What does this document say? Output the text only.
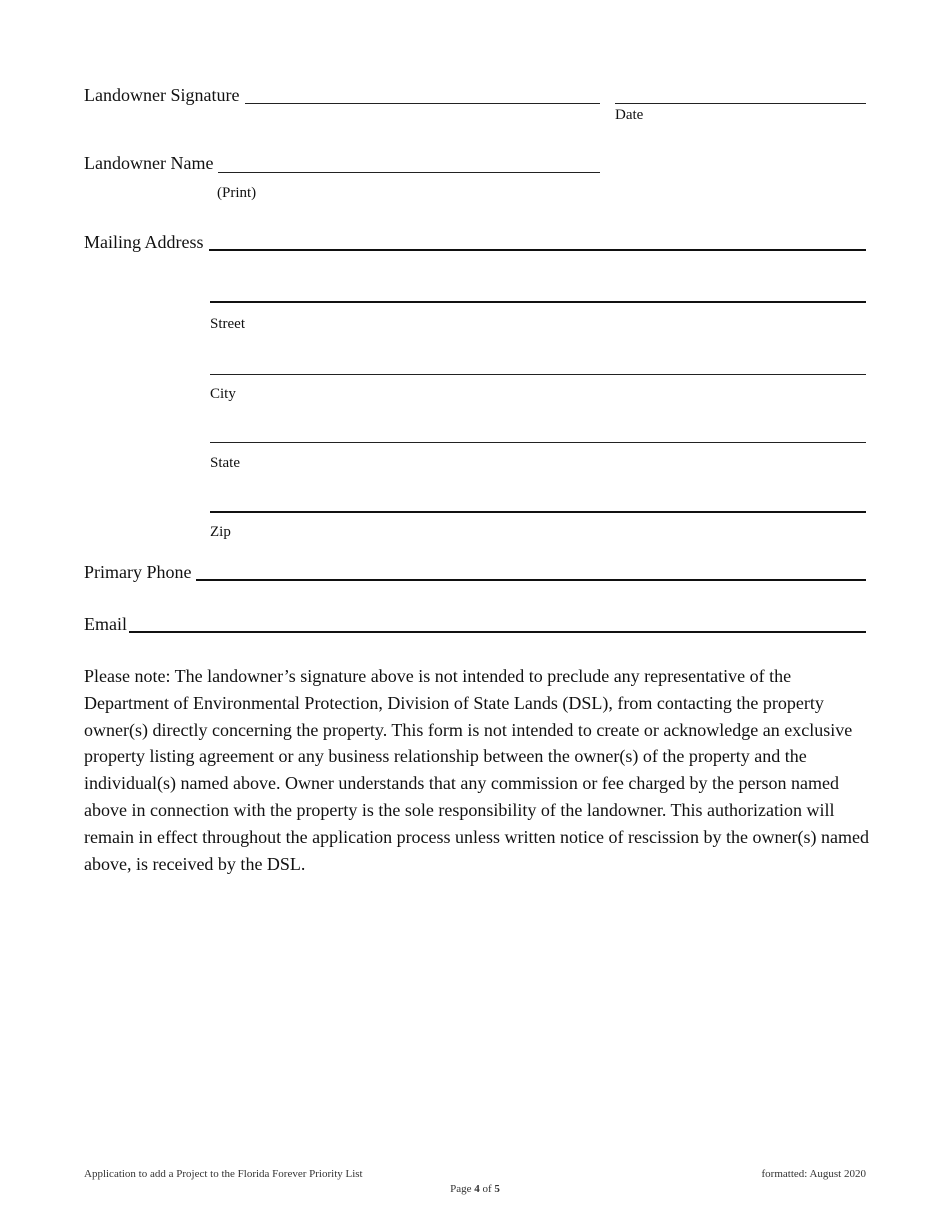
Landowner Signature
Date
Landowner Name
(Print)
Mailing Address
Street
City
State
Zip
Primary Phone
Email

Please note: The landowner’s signature above is not intended to preclude any representative of the Department of Environmental Protection, Division of State Lands (DSL), from contacting the property owner(s) directly concerning the property. This form is not intended to create or acknowledge an exclusive property listing agreement or any business relationship between the owner(s) of the property and the individual(s) named above. Owner understands that any commission or fee charged by the person named above in connection with the property is the sole responsibility of the landowner. This authorization will remain in effect throughout the application process unless written notice of rescission by the owner(s) named above, is received by the DSL.

Application to add a Project to the Florida Forever Priority List	formatted: August 2020
Page 4 of 5
